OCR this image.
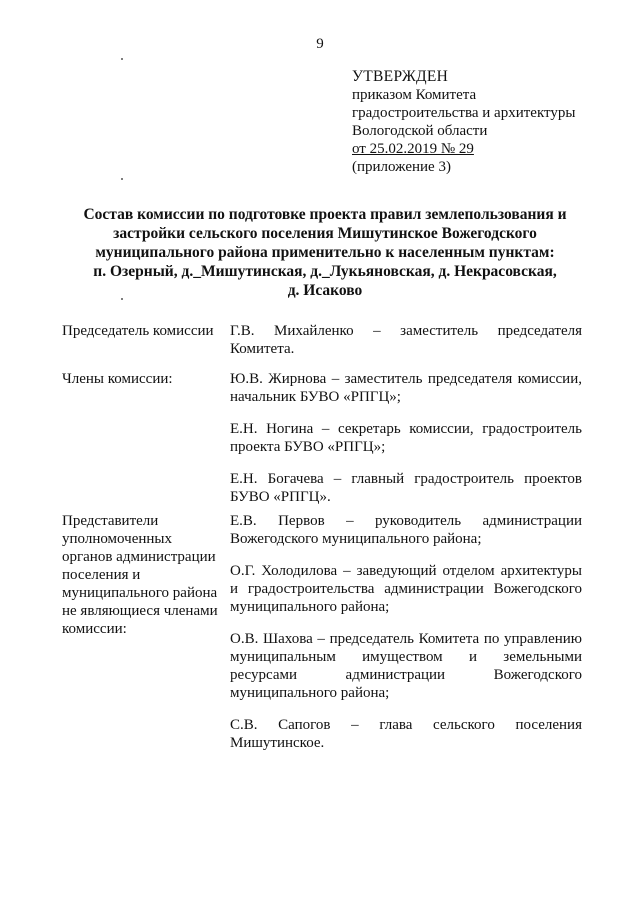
9
УТВЕРЖДЕН
приказом Комитета
градостроительства и архитектуры
Вологодской области
от 25.02.2019 № 29
(приложение 3)
Состав комиссии по подготовке проекта правил землепользования и
застройки сельского поселения Мишутинское Вожегодского
муниципального района применительно к населенным пунктам:
п. Озерный, д._Мишутинская, д._Лукьяновская, д. Некрасовская,
д. Исаково
Председатель комиссии	Г.В. Михайленко – заместитель председателя Комитета.

Члены комиссии:	Ю.В. Жирнова – заместитель председателя комиссии, начальник БУВО «РПГЦ»;

Е.Н. Ногина – секретарь комиссии, градостроитель проекта БУВО «РПГЦ»;

Е.Н. Богачева – главный градостроитель проектов БУВО «РПГЦ».

Представители уполномоченных органов администрации поселения и муниципального района не являющиеся членами комиссии:

Е.В. Первов – руководитель администрации Вожегодского муниципального района;

О.Г. Холодилова – заведующий отделом архитектуры и градостроительства администрации Вожегодского муниципального района;

О.В. Шахова – председатель Комитета по управлению муниципальным имуществом и земельными ресурсами администрации Вожегодского муниципального района;

С.В. Сапогов – глава сельского поселения Мишутинское.
